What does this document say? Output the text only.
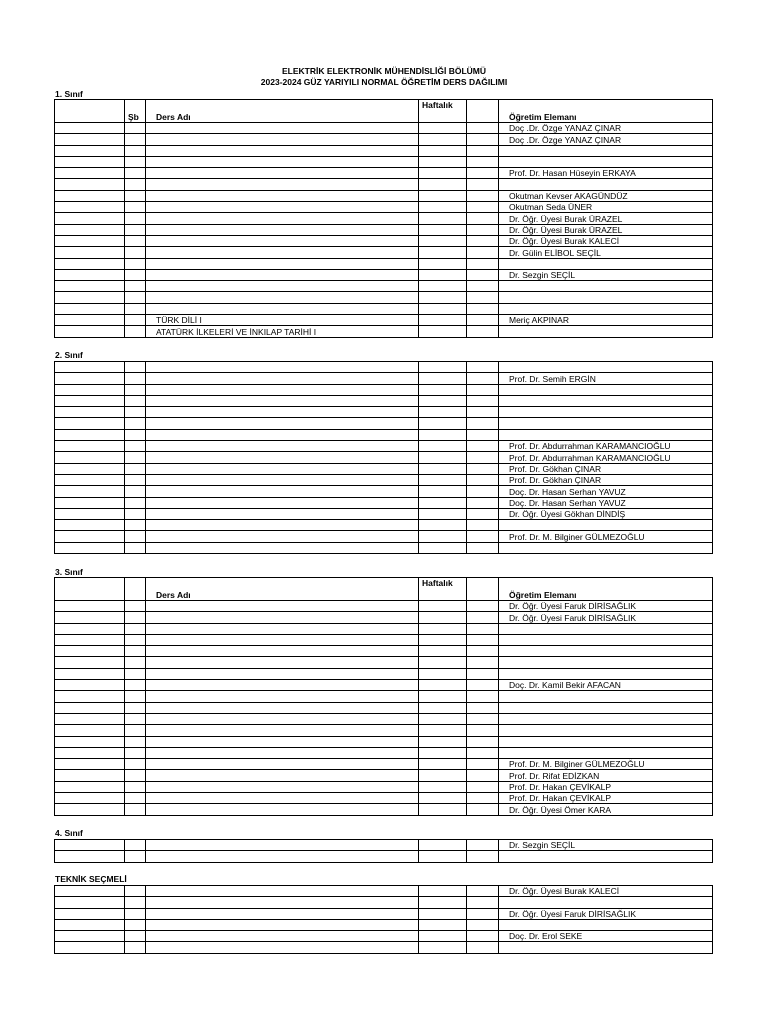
ELEKTRİK ELEKTRONİK MÜHENDİSLİĞİ BÖLÜMÜ
2023-2024 GÜZ YARIYILI NORMAL ÖĞRETİM DERS DAĞILIMI
1. Sınıf
	Şb	Ders Adı	Haftalık		Öğretim Elemanı
					Doç .Dr. Özge YANAZ ÇINAR
					Doç .Dr. Özge YANAZ ÇINAR

					Prof. Dr. Hasan Hüseyin ERKAYA

					Okutman Kevser AKAGÜNDÜZ
					Okutman Seda ÜNER
					Dr. Öğr. Üyesi Burak ÜRAZEL
					Dr. Öğr. Üyesi Burak ÜRAZEL
					Dr. Öğr. Üyesi Burak KALECİ
					Dr. Gülin ELİBOL SEÇİL

					Dr. Sezgin SEÇİL

		TÜRK DİLİ I			Meriç AKPINAR
		ATATÜRK İLKELERİ VE İNKILAP TARİHİ I			
2. Sınıf

					Prof. Dr. Semih ERGİN

					Prof. Dr. Abdurrahman KARAMANCIOĞLU
					Prof. Dr. Abdurrahman KARAMANCIOĞLU
					Prof. Dr. Gökhan ÇINAR
					Prof. Dr. Gökhan ÇINAR
					Doç. Dr. Hasan Serhan YAVUZ
					Doç. Dr. Hasan Serhan YAVUZ
					Dr. Öğr. Üyesi Gökhan DİNDİŞ

					Prof. Dr. M. Bilginer GÜLMEZOĞLU

3. Sınıf
		Ders Adı	Haftalık		Öğretim Elemanı
					Dr. Öğr. Üyesi Faruk DİRİSAĞLIK
					Dr. Öğr. Üyesi Faruk DİRİSAĞLIK

					Doç. Dr. Kamil Bekir AFACAN

					Prof. Dr. M. Bilginer GÜLMEZOĞLU
					Prof. Dr. Rifat EDİZKAN
					Prof. Dr. Hakan ÇEVİKALP
					Prof. Dr. Hakan ÇEVİKALP
					Dr. Öğr. Üyesi Ömer KARA
4. Sınıf
					Dr. Sezgin SEÇİL

TEKNİK SEÇMELİ
					Dr. Öğr. Üyesi Burak KALECİ

					Dr. Öğr. Üyesi Faruk DİRİSAĞLIK

					Doç. Dr. Erol SEKE
